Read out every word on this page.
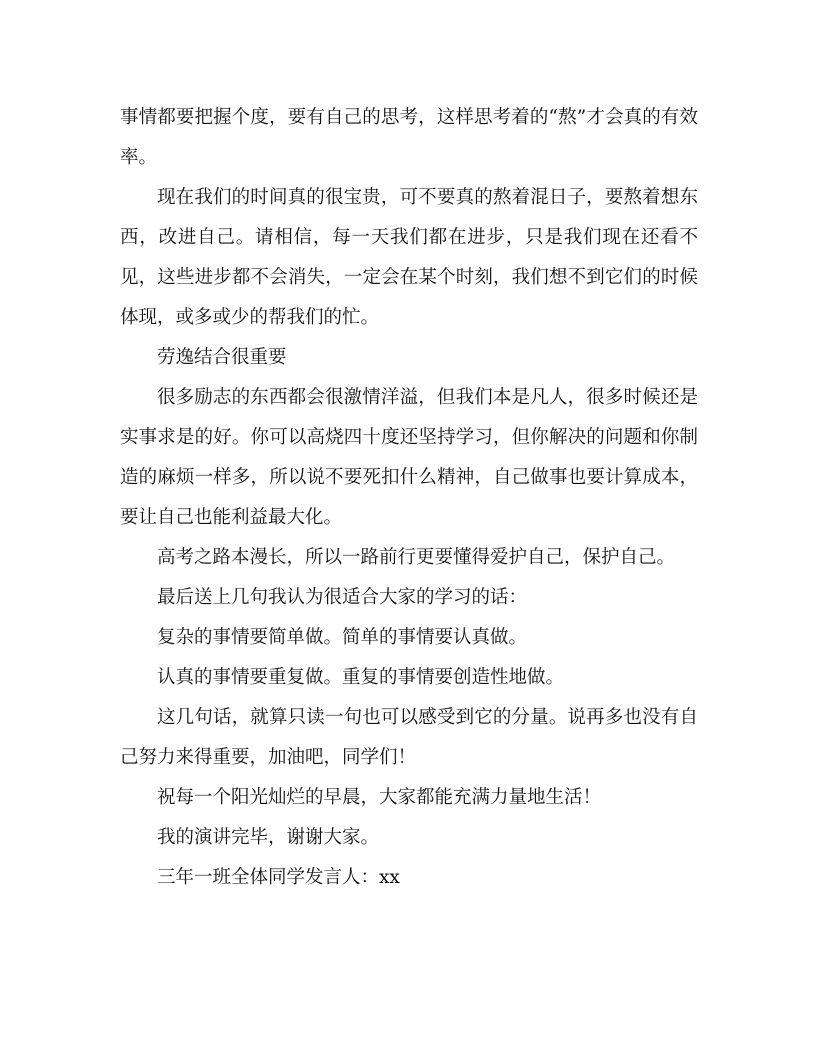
事情都要把握个度，要有自己的思考，这样思考着的“熬”才会真的有效率。

现在我们的时间真的很宝贵，可不要真的熬着混日子，要熬着想东西，改进自己。请相信，每一天我们都在进步，只是我们现在还看不见，这些进步都不会消失，一定会在某个时刻，我们想不到它们的时候体现，或多或少的帮我们的忙。

劳逸结合很重要

很多励志的东西都会很激情洋溢，但我们本是凡人，很多时候还是实事求是的好。你可以高烧四十度还坚持学习，但你解决的问题和你制造的麻烦一样多，所以说不要死扣什么精神，自己做事也要计算成本，要让自己也能利益最大化。

高考之路本漫长，所以一路前行更要懂得爱护自己，保护自己。

最后送上几句我认为很适合大家的学习的话：

复杂的事情要简单做。简单的事情要认真做。

认真的事情要重复做。重复的事情要创造性地做。

这几句话，就算只读一句也可以感受到它的分量。说再多也没有自己努力来得重要，加油吧，同学们！

祝每一个阳光灿烂的早晨，大家都能充满力量地生活！

我的演讲完毕，谢谢大家。

三年一班全体同学发言人：xx
